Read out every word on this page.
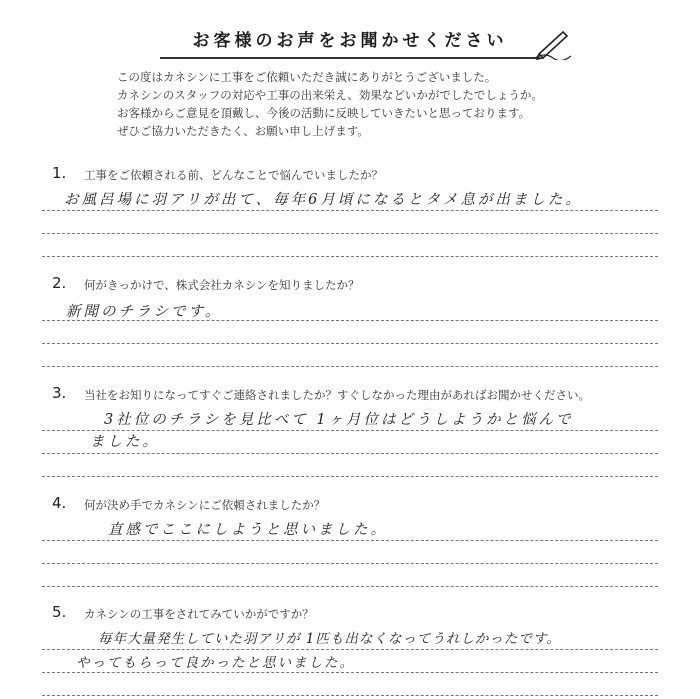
お客様のお声をお聞かせください
この度はカネシンに工事をご依頼いただき誠にありがとうございました。
カネシンのスタッフの対応や工事の出来栄え、効果などいかがでしたでしょうか。
お客様からご意見を頂戴し、今後の活動に反映していきたいと思っております。
ぜひご協力いただきたく、お願い申し上げます。
1. 工事をご依頼される前、どんなことで悩んでいましたか？
お風呂場に羽アリが出て、毎年6月頃になるとタメ息が出ました。
2. 何がきっかけで、株式会社カネシンを知りましたか？
新聞のチラシです。
3. 当社をお知りになってすぐご連絡されましたか？すぐしなかった理由があればお聞かせください。
3社位のチラシを見比べて 1ヶ月位はどうしようかと悩んで
ました。
4. 何が決め手でカネシンにご依頼されましたか？
直感でここにしようと思いました。
5. カネシンの工事をされてみていかがですか？
毎年大量発生していた羽アリが 1匹も出なくなってうれしかったです。
やってもらって良かったと思いました。
